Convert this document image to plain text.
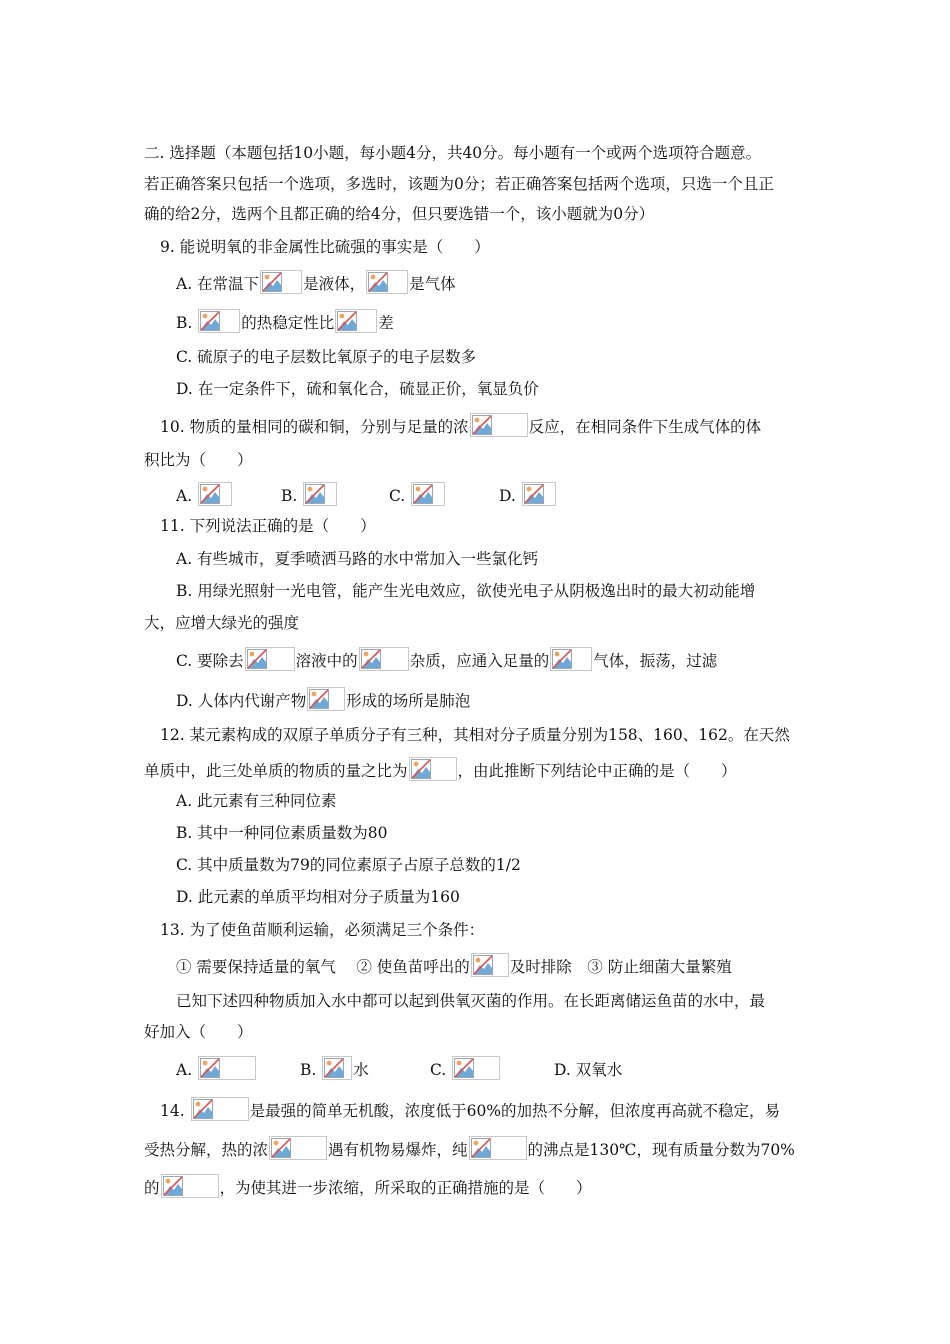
二. 选择题（本题包括10小题，每小题4分，共40分。每小题有一个或两个选项符合题意。
若正确答案只包括一个选项，多选时，该题为0分；若正确答案包括两个选项，只选一个且正
确的给2分，选两个且都正确的给4分，但只要选错一个，该小题就为0分）
9. 能说明氧的非金属性比硫强的事实是（　　）
A. 在常温下	是液体，	是气体
B.	的热稳定性比	差
C. 硫原子的电子层数比氧原子的电子层数多
D. 在一定条件下，硫和氧化合，硫显正价，氧显负价
10. 物质的量相同的碳和铜，分别与足量的浓	反应，在相同条件下生成气体的体
积比为（　　）
A.	B.	C.	D.
11. 下列说法正确的是（　　）
A. 有些城市，夏季喷洒马路的水中常加入一些氯化钙
B. 用绿光照射一光电管，能产生光电效应，欲使光电子从阴极逸出时的最大初动能增
大，应增大绿光的强度
C. 要除去	溶液中的	杂质，应通入足量的	气体，振荡，过滤
D. 人体内代谢产物	形成的场所是肺泡
12. 某元素构成的双原子单质分子有三种，其相对分子质量分别为158、160、162。在天然
单质中，此三处单质的物质的量之比为	，由此推断下列结论中正确的是（　　）
A. 此元素有三种同位素
B. 其中一种同位素质量数为80
C. 其中质量数为79的同位素原子占原子总数的1/2
D. 此元素的单质平均相对分子质量为160
13. 为了使鱼苗顺利运输，必须满足三个条件：
① 需要保持适量的氧气　 ② 使鱼苗呼出的	及时排除　③ 防止细菌大量繁殖
已知下述四种物质加入水中都可以起到供氧灭菌的作用。在长距离储运鱼苗的水中，最
好加入（　　）
A.	B.
水	C.	D. 双氧水
14.	是最强的简单无机酸，浓度低于60%的加热不分解，但浓度再高就不稳定，易
受热分解，热的浓	遇有机物易爆炸，纯	的沸点是130℃，现有质量分数为70%
的	，为使其进一步浓缩，所采取的正确措施的是（　　）
